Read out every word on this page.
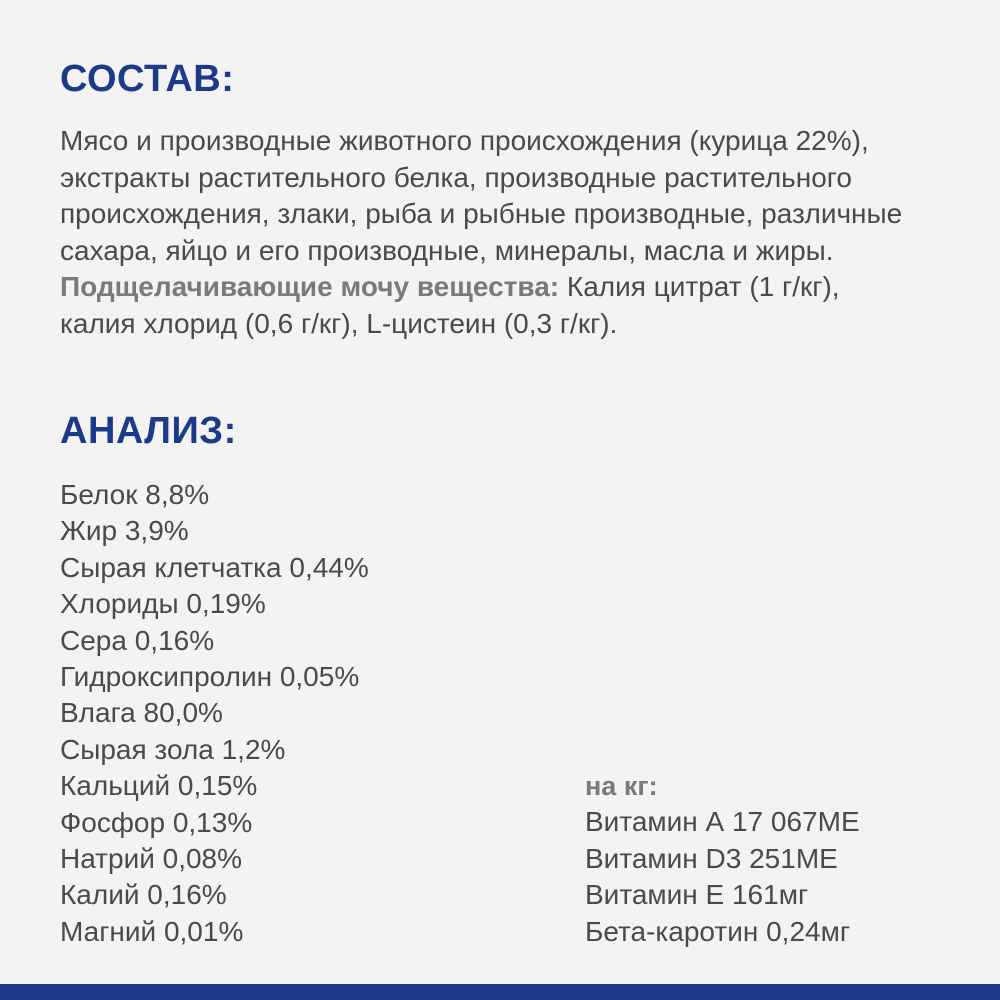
СОСТАВ:

Мясо и производные животного происхождения (курица 22%), экстракты растительного белка, производные растительного происхождения, злаки, рыба и рыбные производные, различные сахара, яйцо и его производные, минералы, масла и жиры.
Подщелачивающие мочу вещества: Калия цитрат (1 г/кг), калия хлорид (0,6 г/кг), L-цистеин (0,3 г/кг).

АНАЛИЗ:
Белок 8,8%
Жир 3,9%
Сырая клетчатка 0,44%
Хлориды 0,19%
Сера 0,16%
Гидроксипролин 0,05%
Влага 80,0%
Сырая зола 1,2%
Кальций 0,15%
Фосфор 0,13%
Натрий 0,08%
Калий 0,16%
Магний 0,01%
на кг:
Витамин А 17 067МЕ
Витамин D3 251МЕ
Витамин Е 161мг
Бета-каротин 0,24мг
